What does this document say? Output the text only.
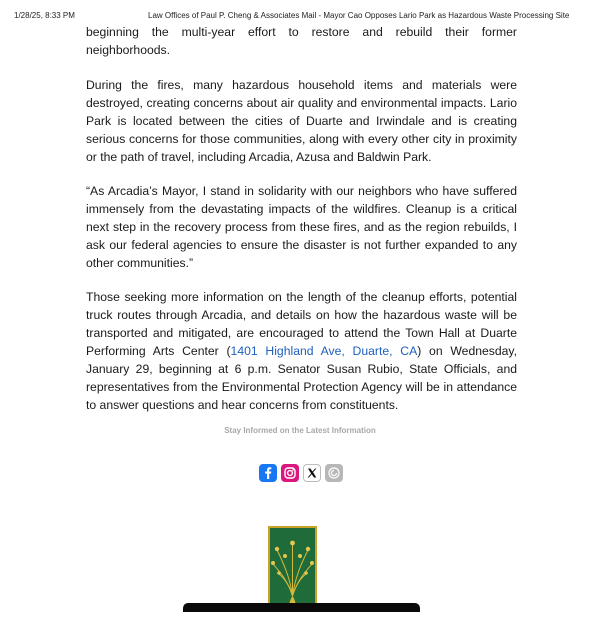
1/28/25, 8:33 PM	Law Offices of Paul P. Cheng & Associates Mail - Mayor Cao Opposes Lario Park as Hazardous Waste Processing Site

beginning the multi-year effort to restore and rebuild their former neighborhoods.

During the fires, many hazardous household items and materials were destroyed, creating concerns about air quality and environmental impacts. Lario Park is located between the cities of Duarte and Irwindale and is creating serious concerns for those communities, along with every other city in proximity or the path of travel, including Arcadia, Azusa and Baldwin Park.

“As Arcadia’s Mayor, I stand in solidarity with our neighbors who have suffered immensely from the devastating impacts of the wildfires. Cleanup is a critical next step in the recovery process from these fires, and as the region rebuilds, I ask our federal agencies to ensure the disaster is not further expanded to any other communities.”

Those seeking more information on the length of the cleanup efforts, potential truck routes through Arcadia, and details on how the hazardous waste will be transported and mitigated, are encouraged to attend the Town Hall at Duarte Performing Arts Center (1401 Highland Ave, Duarte, CA) on Wednesday, January 29, beginning at 6 p.m. Senator Susan Rubio, State Officials, and representatives from the Environmental Protection Agency will be in attendance to answer questions and hear concerns from constituents.

Stay Informed on the Latest Information
